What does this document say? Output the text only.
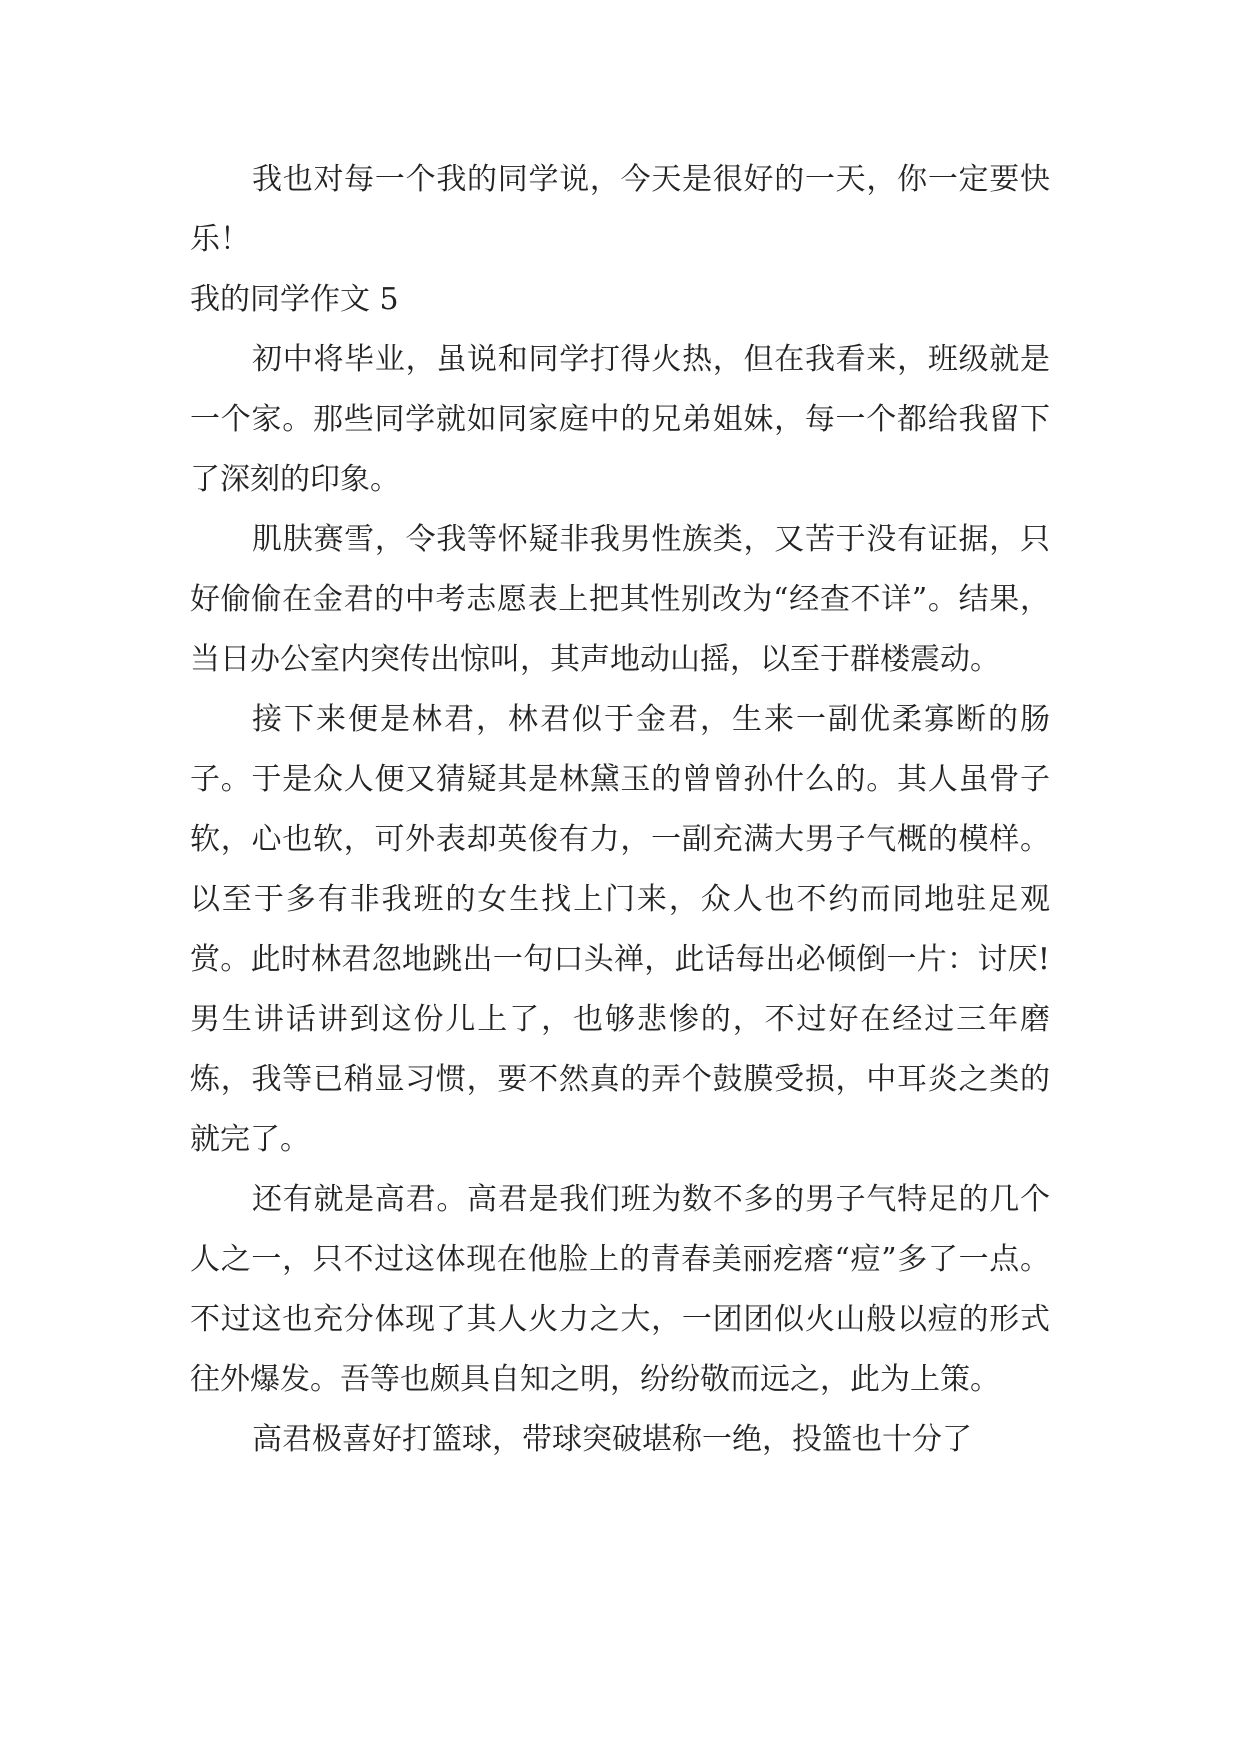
我也对每一个我的同学说，今天是很好的一天，你一定要快乐！

我的同学作文 5

初中将毕业，虽说和同学打得火热，但在我看来，班级就是一个家。那些同学就如同家庭中的兄弟姐妹，每一个都给我留下了深刻的印象。

肌肤赛雪，令我等怀疑非我男性族类，又苦于没有证据，只好偷偷在金君的中考志愿表上把其性别改为“经查不详”。结果，当日办公室内突传出惊叫，其声地动山摇，以至于群楼震动。

接下来便是林君，林君似于金君，生来一副优柔寡断的肠子。于是众人便又猜疑其是林黛玉的曾曾孙什么的。其人虽骨子软，心也软，可外表却英俊有力，一副充满大男子气概的模样。以至于多有非我班的女生找上门来，众人也不约而同地驻足观赏。此时林君忽地跳出一句口头禅，此话每出必倾倒一片：讨厌!男生讲话讲到这份儿上了，也够悲惨的，不过好在经过三年磨炼，我等已稍显习惯，要不然真的弄个鼓膜受损，中耳炎之类的就完了。

还有就是高君。高君是我们班为数不多的男子气特足的几个人之一，只不过这体现在他脸上的青春美丽疙瘩“痘”多了一点。不过这也充分体现了其人火力之大，一团团似火山般以痘的形式往外爆发。吾等也颇具自知之明，纷纷敬而远之，此为上策。

高君极喜好打篮球，带球突破堪称一绝，投篮也十分了
